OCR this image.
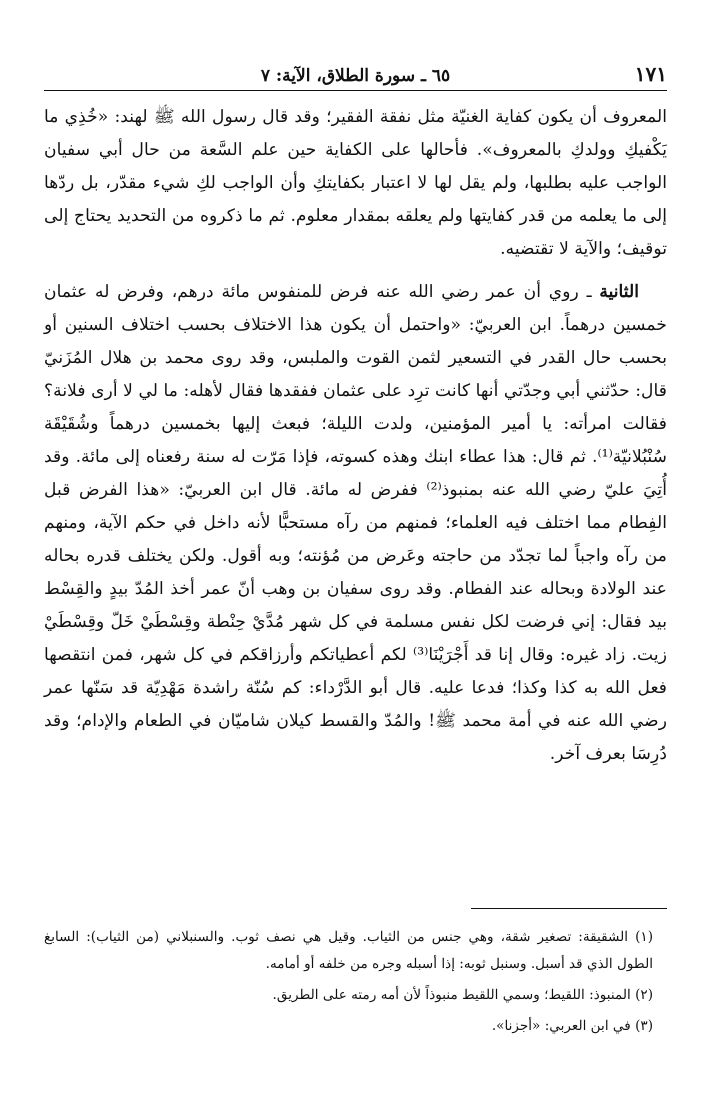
١٧١
٦٥ ـ سورة الطلاق، الآية: ٧

المعروف أن يكون كفاية الغنيّة مثل نفقة الفقير؛ وقد قال رسول الله ﷺ لهند: «خُذِي ما يَكْفيكِ وولدكِ بالمعروف». فأحالها على الكفاية حين علم السَّعة من حال أبي سفيان الواجب عليه بطلبها، ولم يقل لها لا اعتبار بكفايتكِ وأن الواجب لكِ شيء مقدّر، بل ردّها إلى ما يعلمه من قدر كفايتها ولم يعلقه بمقدار معلوم. ثم ما ذكروه من التحديد يحتاج إلى توقيف؛ والآية لا تقتضيه.

الثانية ـ روي أن عمر رضي الله عنه فرض للمنفوس مائة درهم، وفرض له عثمان خمسين درهماً. ابن العربيّ: «واحتمل أن يكون هذا الاختلاف بحسب اختلاف السنين أو بحسب حال القدر في التسعير لثمن القوت والملبس، وقد روى محمد بن هلال المُزَنيّ قال: حدّثني أبي وجدّتي أنها كانت ترِد على عثمان ففقدها فقال لأهله: ما لي لا أرى فلانة؟ فقالت امرأته: يا أمير المؤمنين، ولدت الليلة؛ فبعث إليها بخمسين درهماً وشُقَيْقَة سُنْبُلانيّة⁽¹⁾. ثم قال: هذا عطاء ابنك وهذه كسوته، فإذا مَرّت له سنة رفعناه إلى مائة. وقد أُتِيَ عليّ رضي الله عنه بمنبوذ⁽²⁾ ففرض له مائة. قال ابن العربيّ: «هذا الفرض قبل الفِطام مما اختلف فيه العلماء؛ فمنهم من رآه مستحبًّا لأنه داخل في حكم الآية، ومنهم من رآه واجباً لما تجدّد من حاجته وعَرض من مُؤنته؛ وبه أقول. ولكن يختلف قدره بحاله عند الولادة وبحاله عند الفطام. وقد روى سفيان بن وهب أنّ عمر أخذ المُدّ بيدٍ والقِسْط بيد فقال: إني فرضت لكل نفس مسلمة في كل شهر مُدَّيْ حِنْطة وقِسْطَيْ خَلّ وقِسْطَيْ زيت. زاد غيره: وقال إنا قد أَجْرَيْنَا⁽³⁾ لكم أعطياتكم وأرزاقكم في كل شهر، فمن انتقصها فعل الله به كذا وكذا؛ فدعا عليه. قال أبو الدَّرْداء: كم سُنّة راشدة مَهْدِيّة قد سَنّها عمر رضي الله عنه في أمة محمد ﷺ! والمُدّ والقسط كيلان شاميّان في الطعام والإدام؛ وقد دُرِسَا بعرف آخر.

(١) الشقيقة: تصغير شقة، وهي جنس من الثياب. وقيل هي نصف ثوب. والسنبلاني (من الثياب): السابغ الطول الذي قد أسبل. وسنبل ثوبه: إذا أسبله وجره من خلفه أو أمامه.

(٢) المنبوذ: اللقيط؛ وسمي اللقيط منبوذاً لأن أمه رمته على الطريق.

(٣) في ابن العربي: «أجزنا».
